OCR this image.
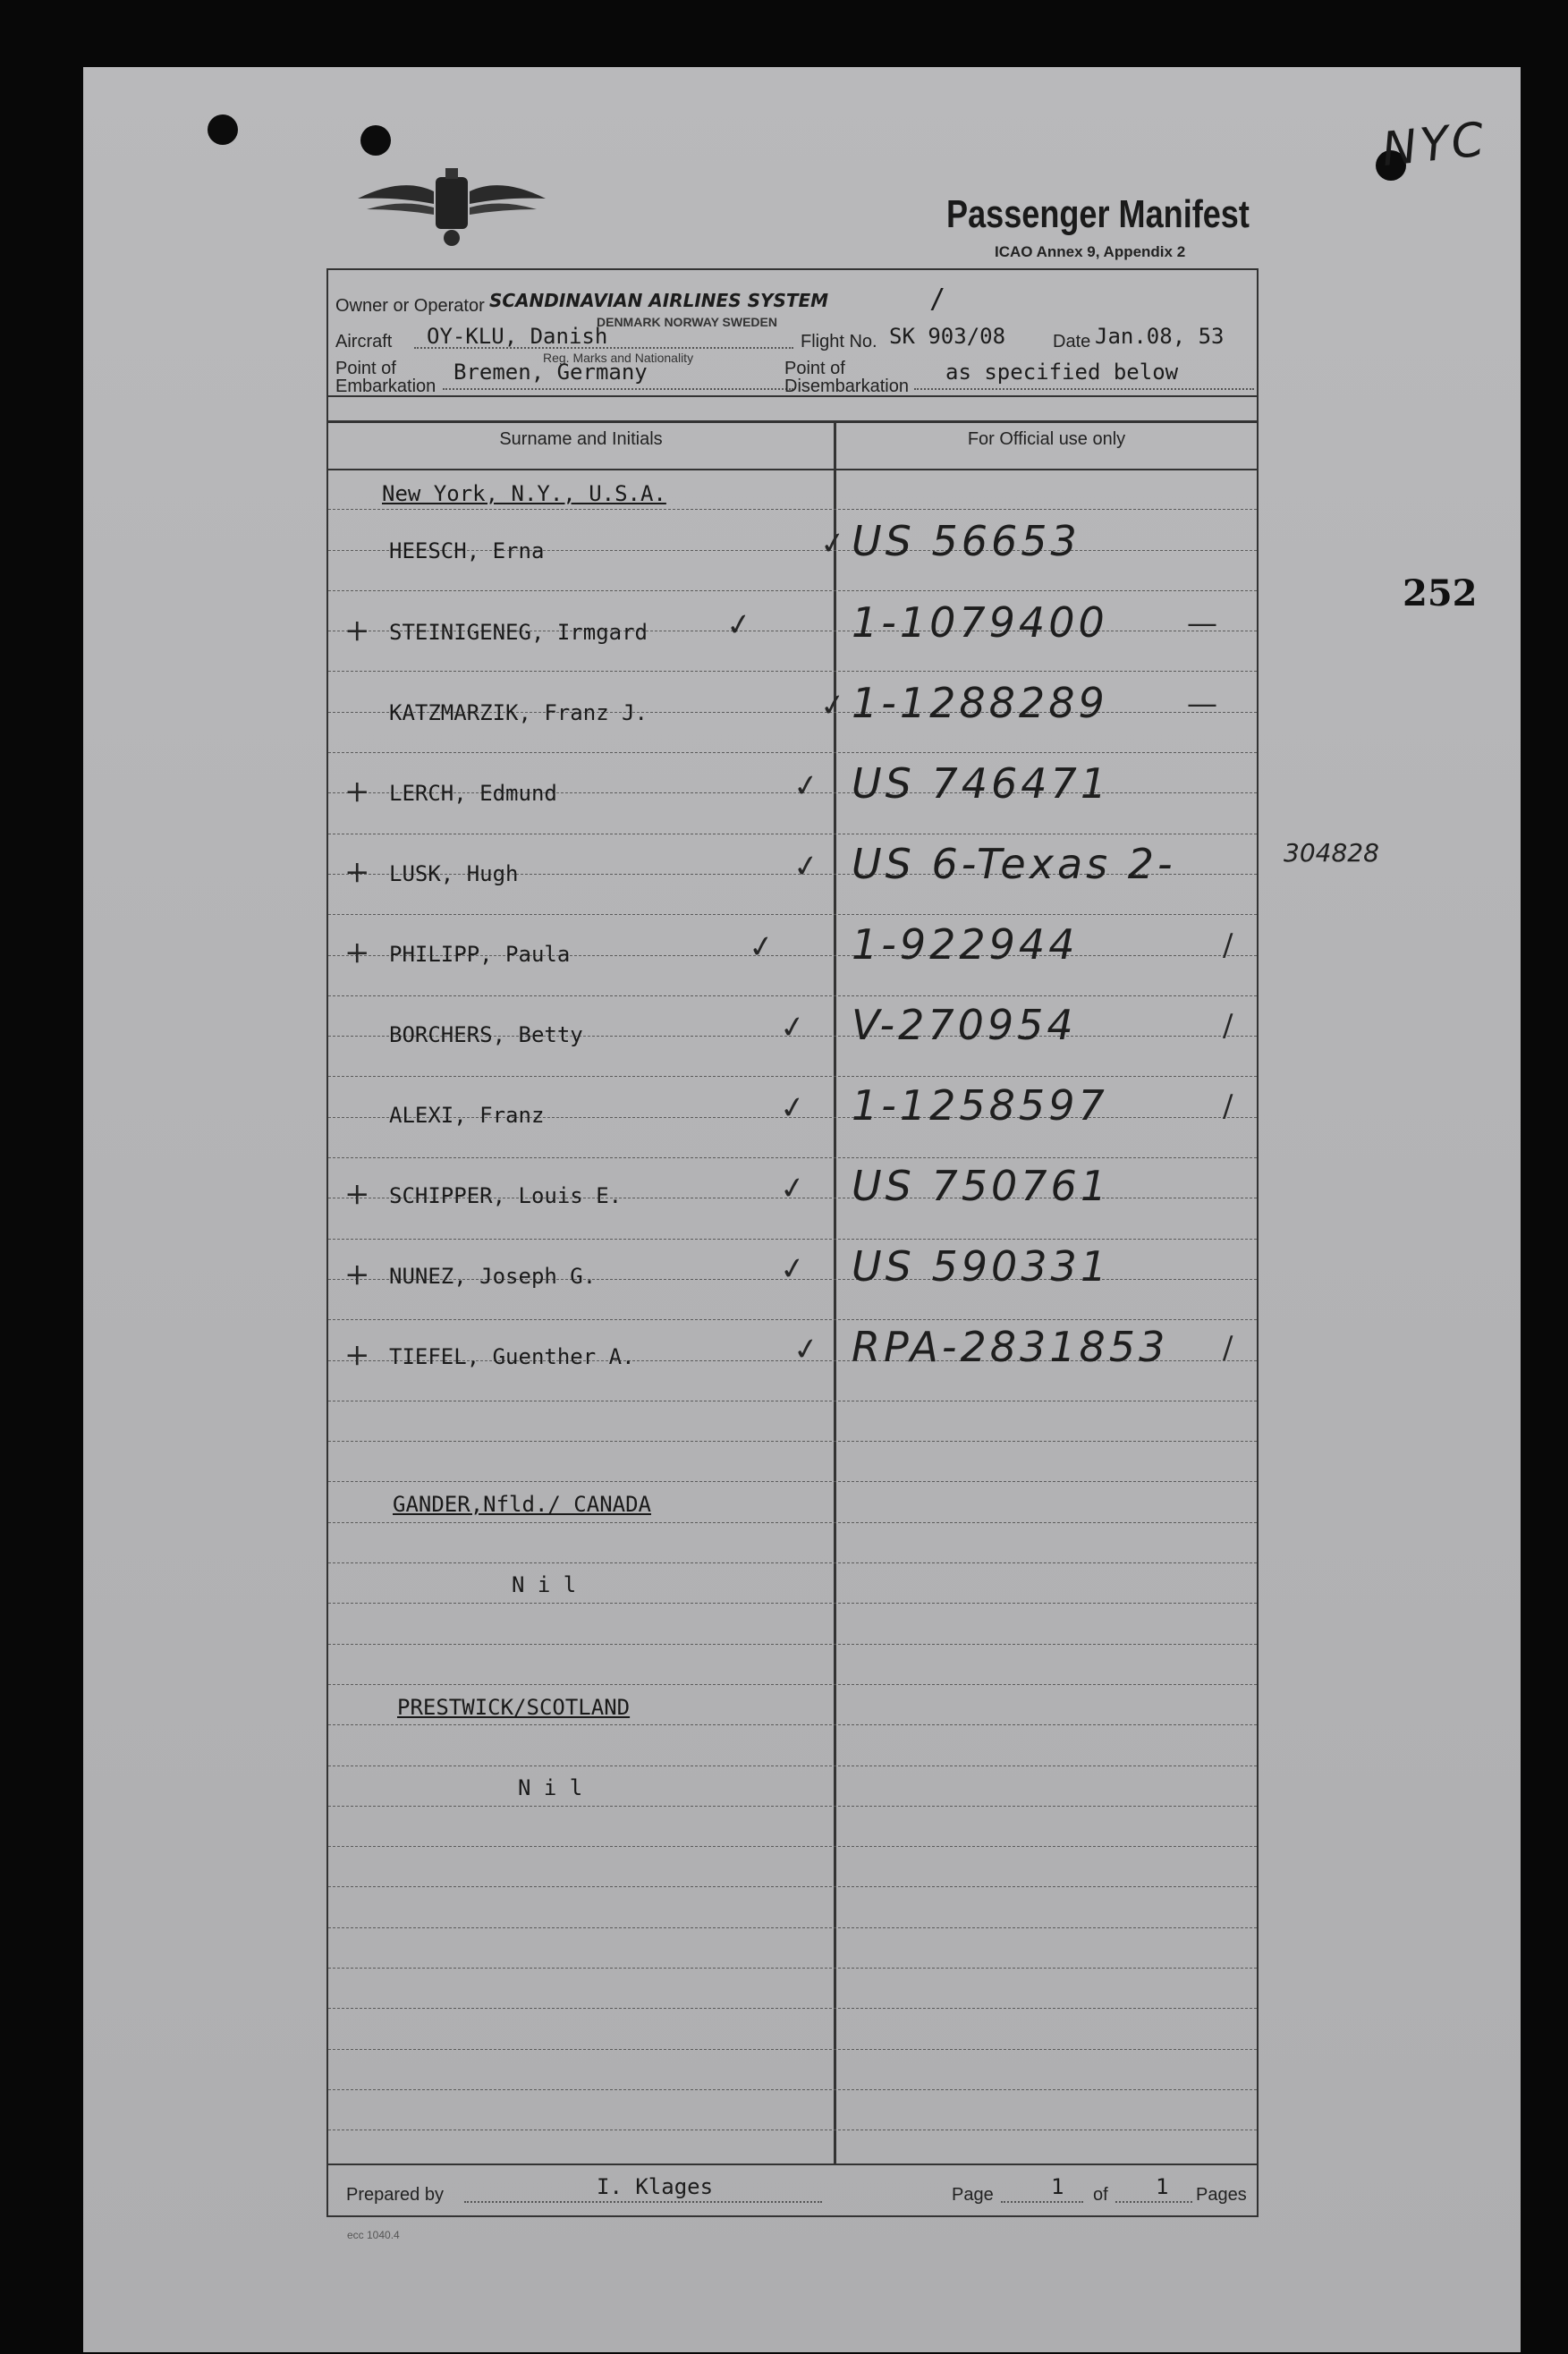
NYC
252
Passenger Manifest
ICAO Annex 9, Appendix 2
Owner or Operator SCANDINAVIAN AIRLINES SYSTEM	/
DENMARK NORWAY SWEDEN
Aircraft OY-KLU, Danish
Reg. Marks and Nationality
Flight No. SK 903/08	Date Jan.08, 53
Point of
Embarkation
Bremen, Germany	Point of
Disembarkation
as specified below
Surname and Initials	For Official use only
New York, N.Y., U.S.A.
GANDER,Nfld./ CANADA
N i l
PRESTWICK/SCOTLAND
N i l
HEESCH, Erna	✓ US 56653
+ STEINIGENEG, Irmgard	✓ 1-1079400	—
KATZMARZIK, Franz J.	✓ 1-1288289	—
+ LERCH, Edmund	✓ US 746471
+ LUSK, Hugh	✓ US 6-Texas 2-	304828
+ PHILIPP, Paula	✓ 1-922944	/
BORCHERS, Betty	✓ V-270954	/
ALEXI, Franz	✓ 1-1258597	/
+ SCHIPPER, Louis E.	✓ US 750761
+ NUNEZ, Joseph G.	✓ US 590331
+ TIEFEL, Guenther A.	✓ RPA-2831853 /
Prepared by	I. Klages	Page	1 of 1 Pages
ecc 1040.4
